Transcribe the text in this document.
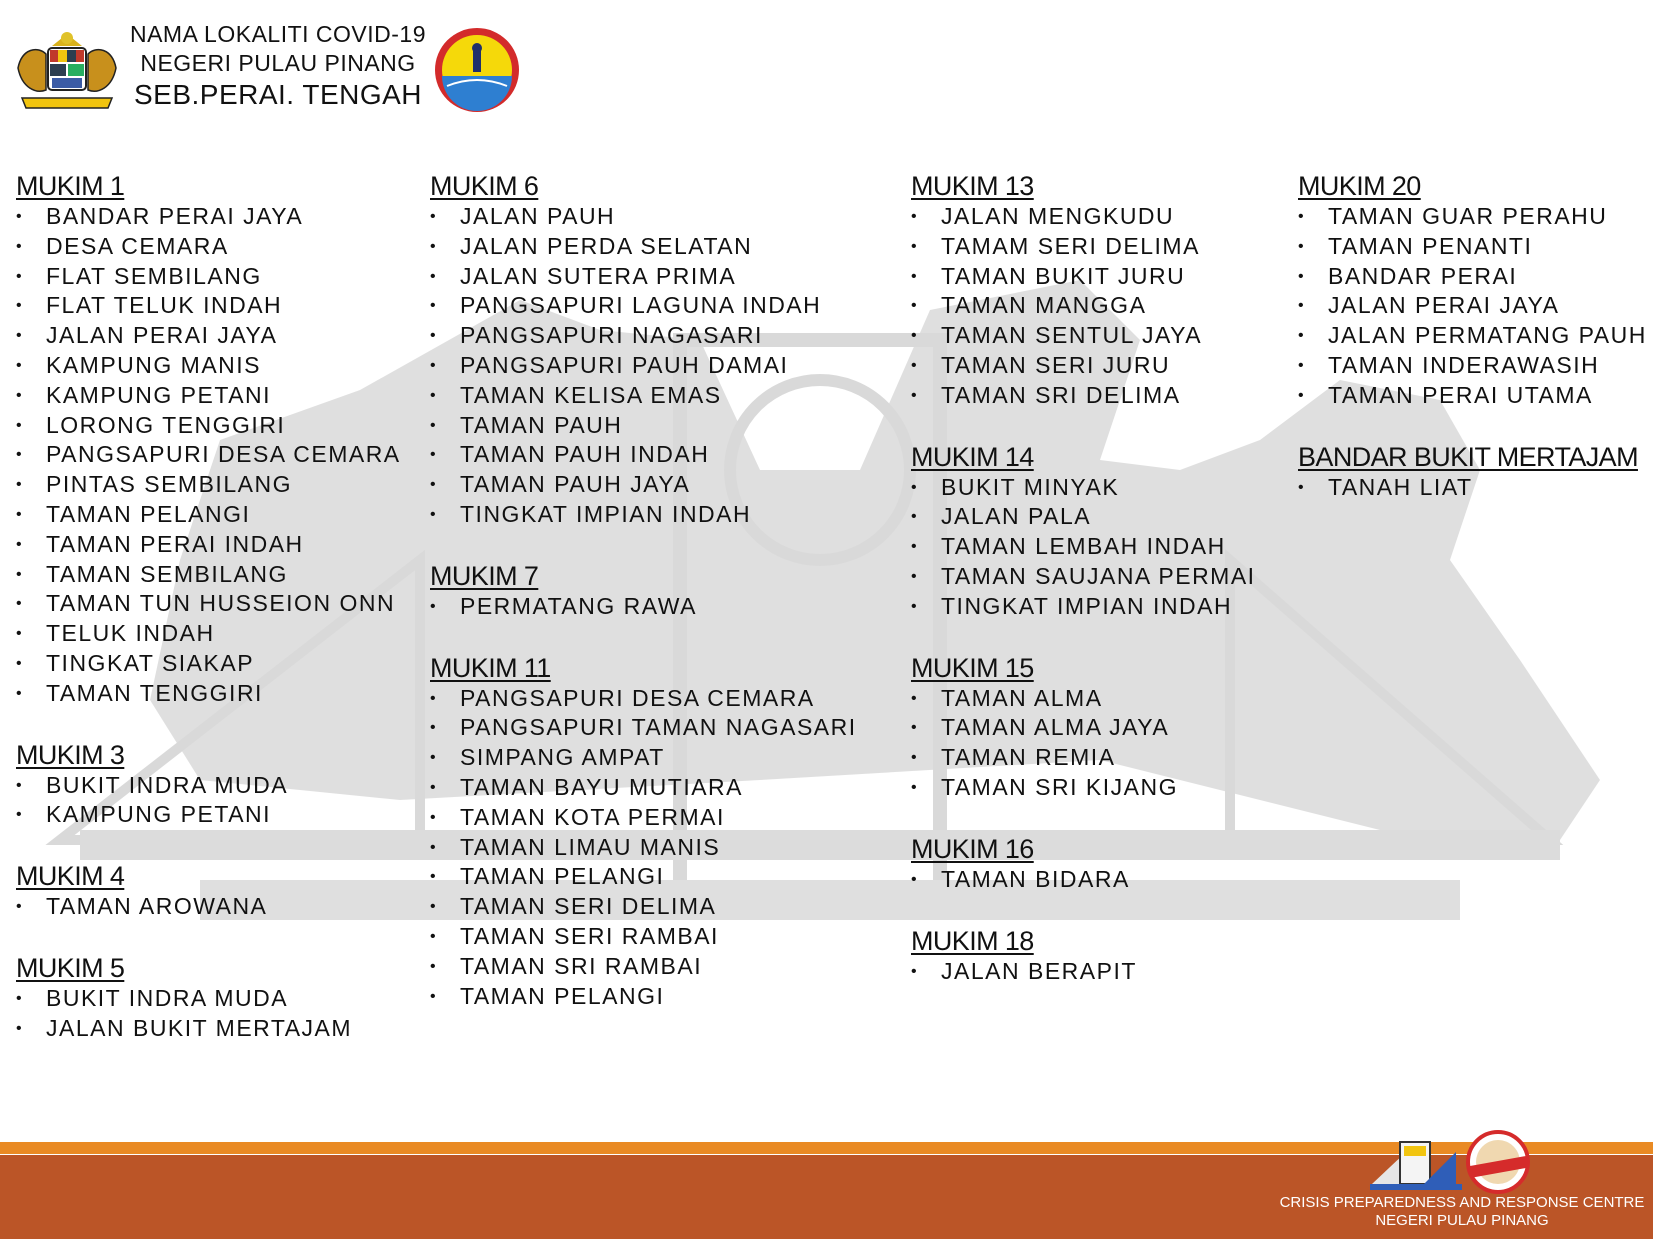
NAMA LOKALITI COVID-19
NEGERI PULAU PINANG
SEB.PERAI. TENGAH
MUKIM 1
• BANDAR PERAI JAYA
• DESA CEMARA
• FLAT SEMBILANG
• FLAT TELUK INDAH
• JALAN PERAI JAYA
• KAMPUNG MANIS
• KAMPUNG PETANI
• LORONG TENGGIRI
• PANGSAPURI DESA CEMARA
• PINTAS SEMBILANG
• TAMAN PELANGI
• TAMAN PERAI INDAH
• TAMAN SEMBILANG
• TAMAN TUN HUSSEION ONN
• TELUK INDAH
• TINGKAT SIAKAP
• TAMAN TENGGIRI
MUKIM 3
• BUKIT INDRA MUDA
• KAMPUNG PETANI
MUKIM 4
• TAMAN AROWANA
MUKIM 5
• BUKIT INDRA MUDA
• JALAN BUKIT MERTAJAM
MUKIM 6
• JALAN PAUH
• JALAN PERDA SELATAN
• JALAN SUTERA PRIMA
• PANGSAPURI LAGUNA INDAH
• PANGSAPURI NAGASARI
• PANGSAPURI PAUH DAMAI
• TAMAN KELISA EMAS
• TAMAN PAUH
• TAMAN PAUH INDAH
• TAMAN PAUH JAYA
• TINGKAT IMPIAN INDAH
MUKIM 7
• PERMATANG RAWA
MUKIM 11
• PANGSAPURI DESA CEMARA
• PANGSAPURI TAMAN NAGASARI
• SIMPANG AMPAT
• TAMAN BAYU MUTIARA
• TAMAN KOTA PERMAI
• TAMAN LIMAU MANIS
• TAMAN PELANGI
• TAMAN SERI DELIMA
• TAMAN SERI RAMBAI
• TAMAN SRI RAMBAI
• TAMAN PELANGI
MUKIM 13
• JALAN MENGKUDU
• TAMAM SERI DELIMA
• TAMAN BUKIT JURU
• TAMAN MANGGA
• TAMAN SENTUL JAYA
• TAMAN SERI JURU
• TAMAN SRI DELIMA
MUKIM 14
• BUKIT MINYAK
• JALAN PALA
• TAMAN LEMBAH INDAH
• TAMAN SAUJANA PERMAI
• TINGKAT IMPIAN INDAH
MUKIM 15
• TAMAN ALMA
• TAMAN ALMA JAYA
• TAMAN REMIA
• TAMAN SRI KIJANG
MUKIM 16
• TAMAN BIDARA
MUKIM 18
• JALAN BERAPIT
MUKIM 20
• TAMAN GUAR PERAHU
• TAMAN PENANTI
• BANDAR PERAI
• JALAN PERAI JAYA
• JALAN PERMATANG PAUH
• TAMAN INDERAWASIH
• TAMAN PERAI UTAMA
BANDAR BUKIT MERTAJAM
• TANAH LIAT
CRISIS PREPAREDNESS AND RESPONSE CENTRE
NEGERI PULAU PINANG
